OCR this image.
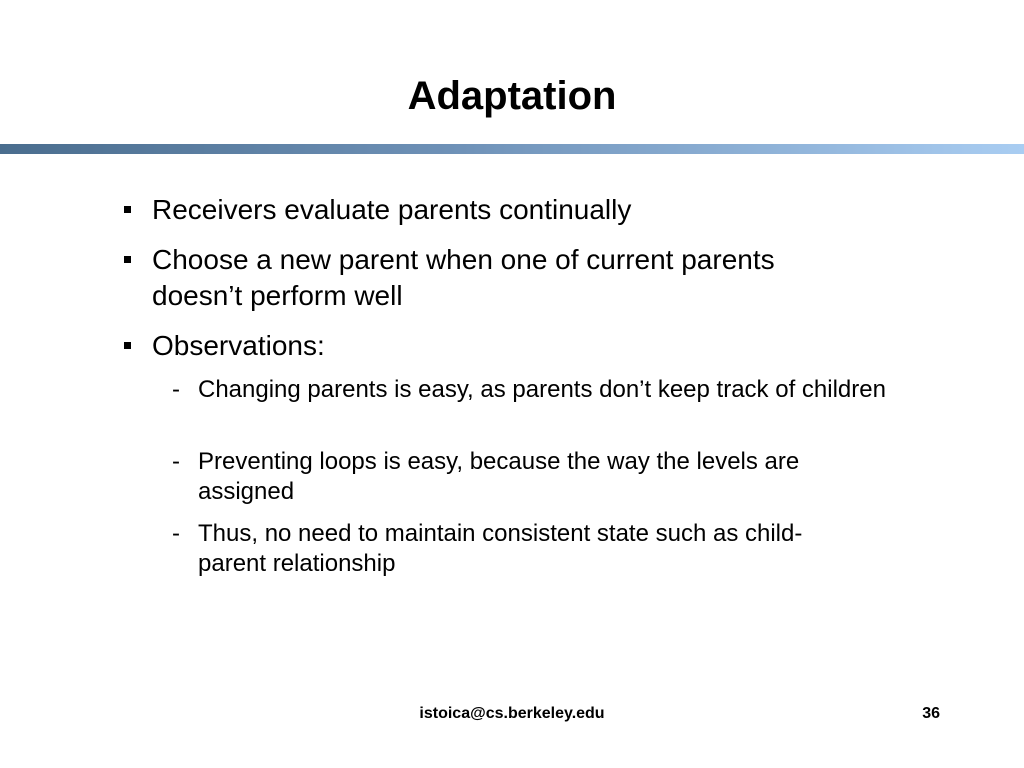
Adaptation
Receivers evaluate parents continually
Choose a new parent when one of current parents doesn’t perform well
Observations:
- Changing parents is easy, as parents don’t keep track of children
- Preventing loops is easy, because the way the levels are assigned
- Thus, no need to maintain consistent state such as child-parent relationship
istoica@cs.berkeley.edu	36
